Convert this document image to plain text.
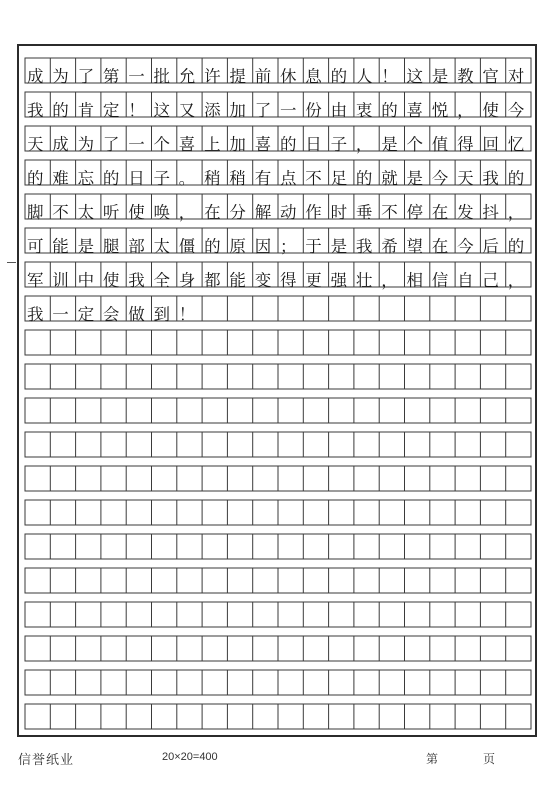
成为了第一批允许提前休息的人！这是教官对
我的肯定！这又添加了一份由衷的喜悦，使今
天成为了一个喜上加喜的日子，是个值得回忆
的难忘的日子。稍稍有点不足的就是今天我的
脚不太听使唤，在分解动作时垂不停在发抖，
可能是腿部太僵的原因；于是我希望在今后的
军训中使我全身都能变得更强壮，相信自己，
我一定会做到！
信誉纸业	20×20=400	第	页
